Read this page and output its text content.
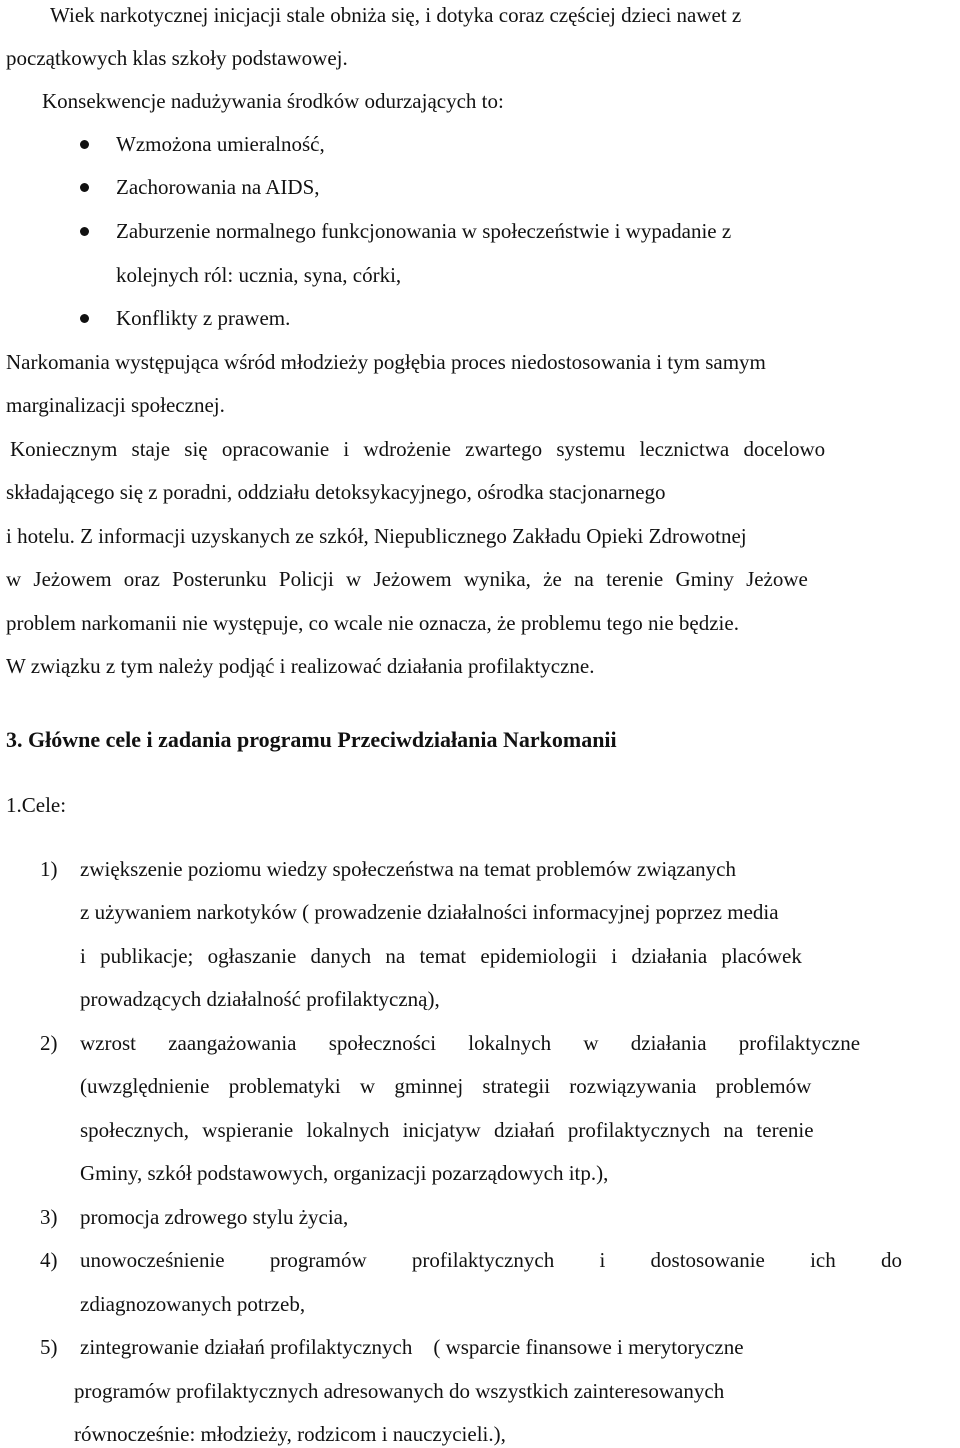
Wiek narkotycznej inicjacji stale obniża się, i dotyka coraz częściej dzieci nawet z
początkowych klas szkoły podstawowej.
Konsekwencje nadużywania środków odurzających to:
Wzmożona umieralność,
Zachorowania na AIDS,
Zaburzenie normalnego funkcjonowania w społeczeństwie i wypadanie z
kolejnych ról: ucznia, syna, córki,
Konflikty z prawem.
Narkomania występująca wśród młodzieży pogłębia proces niedostosowania i tym samym
marginalizacji społecznej.
Koniecznym staje się opracowanie i wdrożenie zwartego systemu lecznictwa docelowo
składającego się z poradni, oddziału detoksykacyjnego, ośrodka stacjonarnego
i hotelu. Z informacji uzyskanych ze szkół, Niepublicznego Zakładu Opieki Zdrowotnej
w Jeżowem oraz Posterunku Policji w Jeżowem wynika, że na terenie Gminy Jeżowe
problem narkomanii nie występuje, co wcale nie oznacza, że problemu tego nie będzie.
W związku z tym należy podjąć i realizować działania profilaktyczne.
3. Główne cele i zadania programu Przeciwdziałania Narkomanii
1.Cele:
1) zwiększenie poziomu wiedzy społeczeństwa na temat problemów związanych
z używaniem narkotyków ( prowadzenie działalności informacyjnej poprzez media
i publikacje; ogłaszanie danych na temat epidemiologii i działania placówek
prowadzących działalność profilaktyczną),
2) wzrost zaangażowania społeczności lokalnych w działania profilaktyczne
(uwzględnienie problematyki w gminnej strategii rozwiązywania problemów
społecznych, wspieranie lokalnych inicjatyw działań profilaktycznych na terenie
Gminy, szkół podstawowych, organizacji pozarządowych itp.),
3) promocja zdrowego stylu życia,
4) unowocześnienie programów profilaktycznych i dostosowanie ich do
zdiagnozowanych potrzeb,
5) zintegrowanie działań profilaktycznych    ( wsparcie finansowe i merytoryczne
programów profilaktycznych adresowanych do wszystkich zainteresowanych
równocześnie: młodzieży, rodzicom i nauczycieli.),
